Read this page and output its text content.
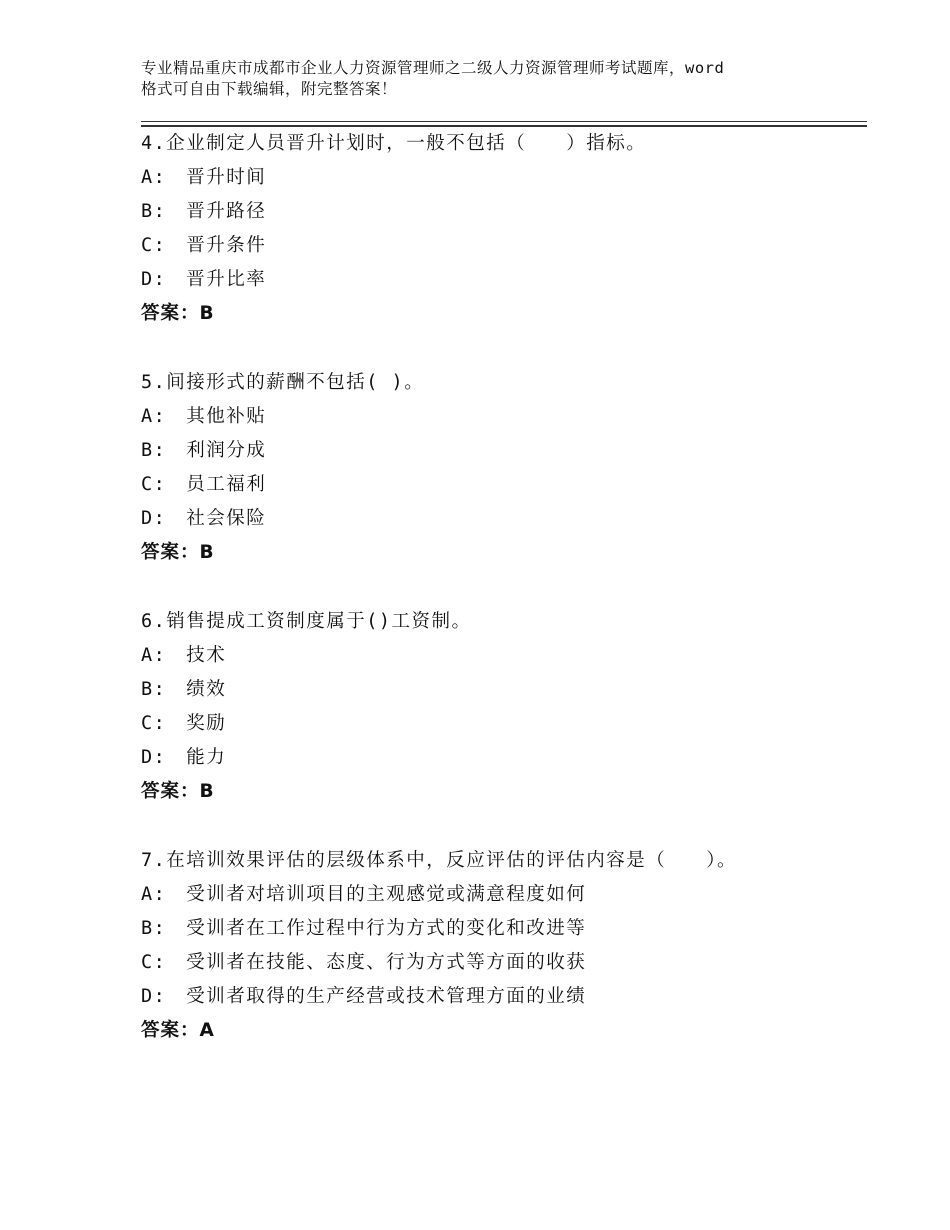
专业精品重庆市成都市企业人力资源管理师之二级人力资源管理师考试题库，word
格式可自由下载编辑，附完整答案！
4.企业制定人员晋升计划时，一般不包括（　　）指标。
A:　晋升时间
B:　晋升路径
C:　晋升条件
D:　晋升比率
答案：B
5.间接形式的薪酬不包括( )。
A:　其他补贴
B:　利润分成
C:　员工福利
D:　社会保险
答案：B
6.销售提成工资制度属于()工资制。
A:　技术
B:　绩效
C:　奖励
D:　能力
答案：B
7.在培训效果评估的层级体系中，反应评估的评估内容是（　　）。
A:　受训者对培训项目的主观感觉或满意程度如何
B:　受训者在工作过程中行为方式的变化和改进等
C:　受训者在技能、态度、行为方式等方面的收获
D:　受训者取得的生产经营或技术管理方面的业绩
答案：A
